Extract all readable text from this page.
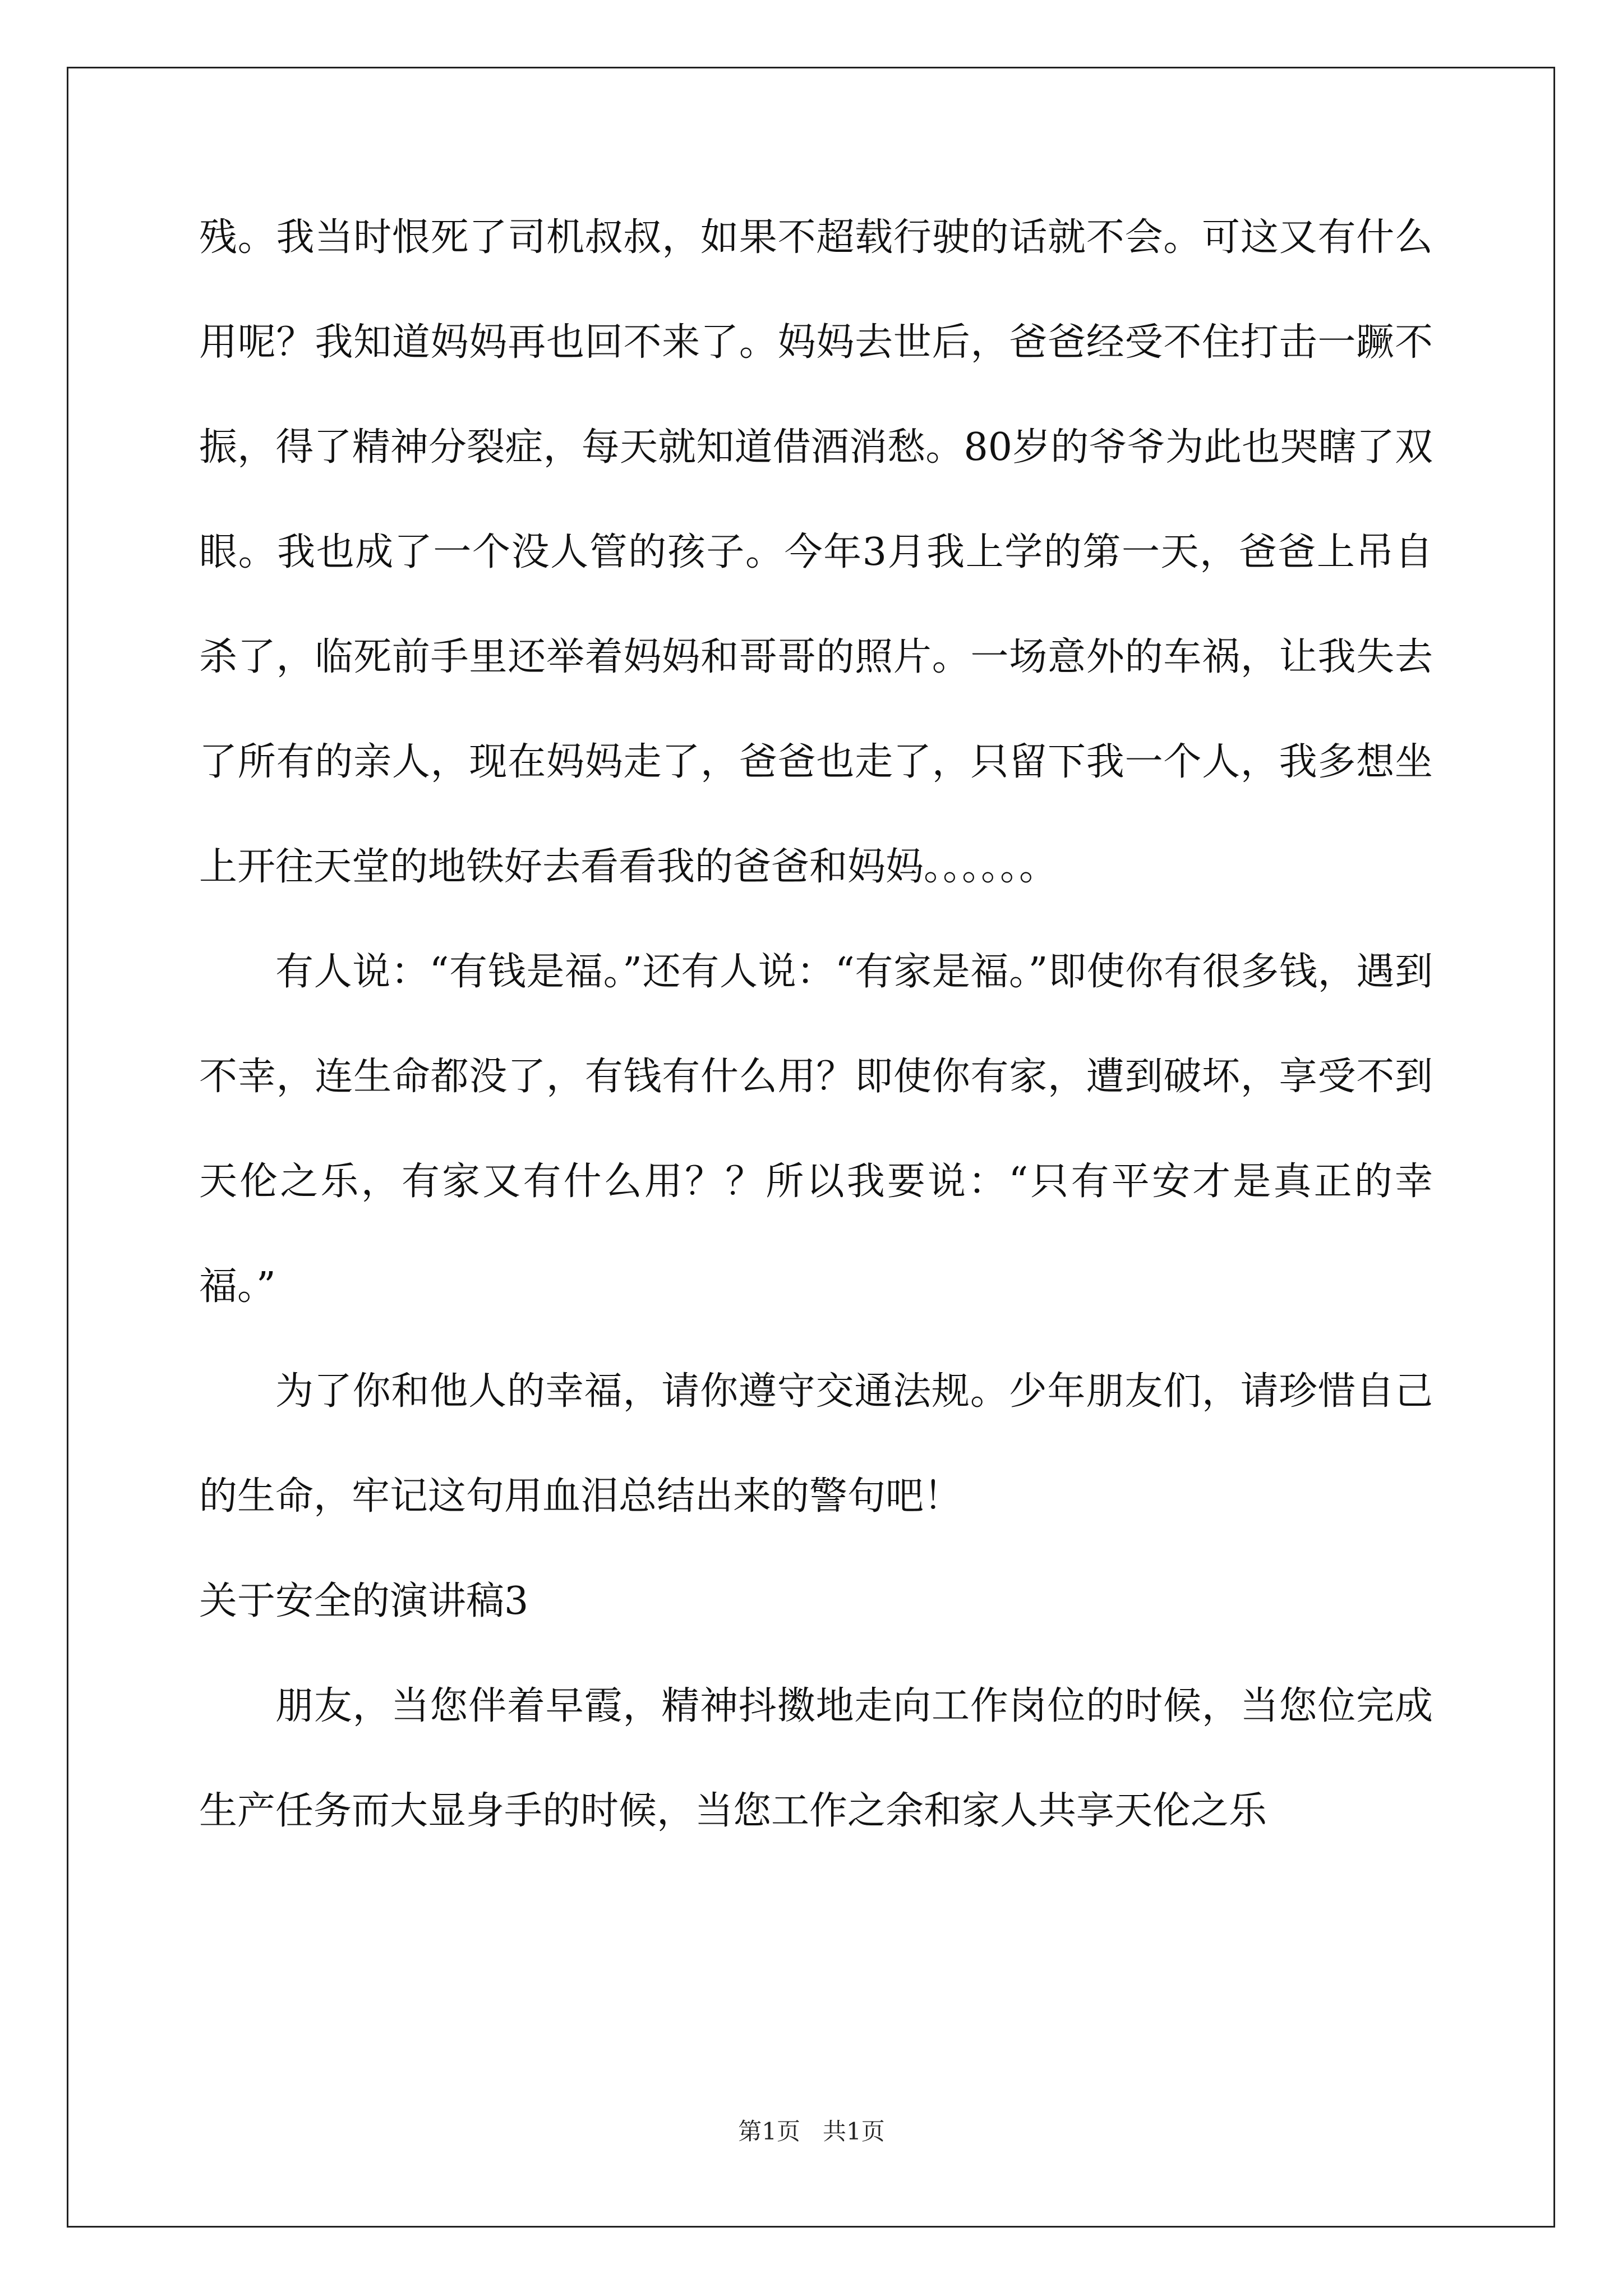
残。我当时恨死了司机叔叔，如果不超载行驶的话就不会。可这又有什么用呢？我知道妈妈再也回不来了。妈妈去世后，爸爸经受不住打击一蹶不振，得了精神分裂症，每天就知道借酒消愁。80岁的爷爷为此也哭瞎了双眼。我也成了一个没人管的孩子。今年3月我上学的第一天，爸爸上吊自杀了，临死前手里还举着妈妈和哥哥的照片。一场意外的车祸，让我失去了所有的亲人，现在妈妈走了，爸爸也走了，只留下我一个人，我多想坐上开往天堂的地铁好去看看我的爸爸和妈妈。。。。。。

有人说：“有钱是福。”还有人说：“有家是福。”即使你有很多钱，遇到不幸，连生命都没了，有钱有什么用？即使你有家，遭到破坏，享受不到天伦之乐，有家又有什么用？？所以我要说：“只有平安才是真正的幸福。”

为了你和他人的幸福，请你遵守交通法规。少年朋友们，请珍惜自己的生命，牢记这句用血泪总结出来的警句吧！

关于安全的演讲稿3

朋友，当您伴着早霞，精神抖擞地走向工作岗位的时候，当您位完成生产任务而大显身手的时候，当您工作之余和家人共享天伦之乐

第1页 共1页
